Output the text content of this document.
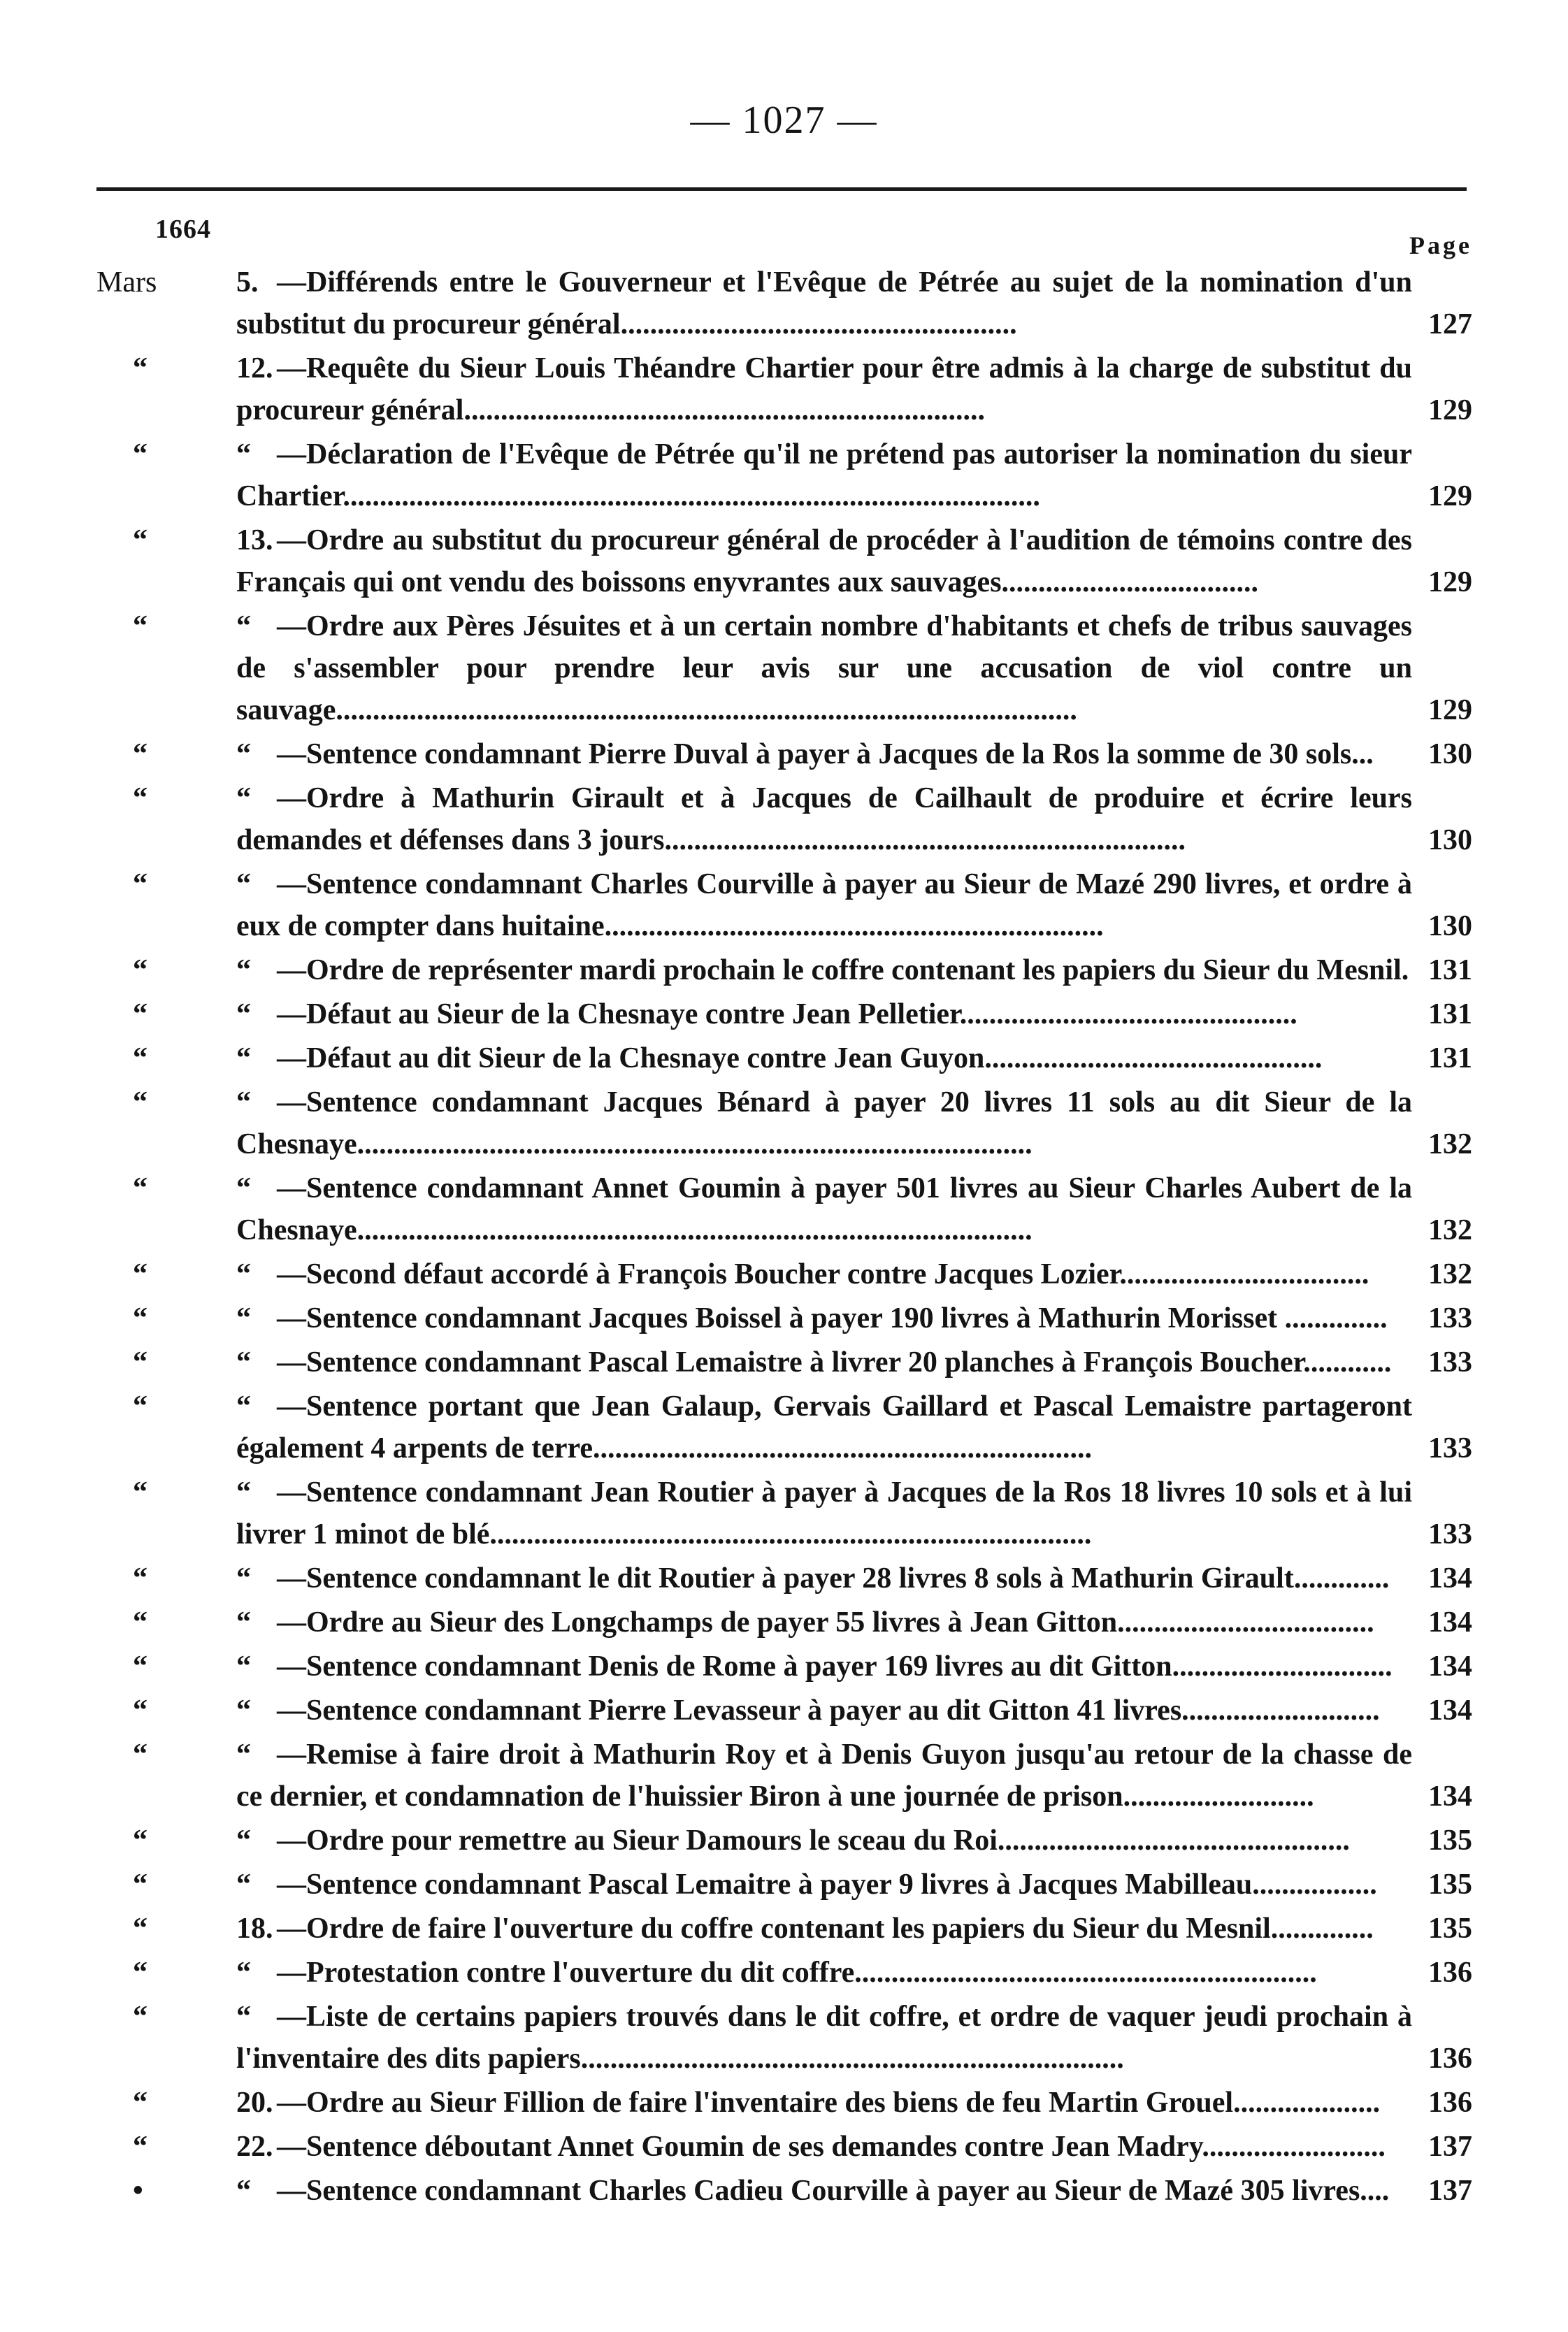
— 1027 —
1664
Page
Mars	5. —Différends entre le Gouverneur et l'Evêque de Pétrée au sujet de la nomination d'un substitut du procureur général......................................................	127
“	12. —Requête du Sieur Louis Théandre Chartier pour être admis à la charge de substitut du procureur général.......................................................................	129
“	“ —Déclaration de l'Evêque de Pétrée qu'il ne prétend pas autoriser la nomination du sieur Chartier...............................................................................................	129
“	13. —Ordre au substitut du procureur général de procéder à l'audition de témoins contre des Français qui ont vendu des boissons enyvrantes aux sauvages...................................	129
“	“ —Ordre aux Pères Jésuites et à un certain nombre d'habitants et chefs de tribus sauvages de s'assembler pour prendre leur avis sur une accusation de viol contre un sauvage.....................................................................................................	129
“	“ —Sentence condamnant Pierre Duval à payer à Jacques de la Ros la somme de 30 sols...	130
“	“ —Ordre à Mathurin Girault et à Jacques de Cailhault de produire et écrire leurs demandes et défenses dans 3 jours.......................................................................	130
“	“ —Sentence condamnant Charles Courville à payer au Sieur de Mazé 290 livres, et ordre à eux de compter dans huitaine....................................................................	130
“	“ —Ordre de représenter mardi prochain le coffre contenant les papiers du Sieur du Mesnil. 131
“	“ —Défaut au Sieur de la Chesnaye contre Jean Pelletier..............................................	131
“	“ —Défaut au dit Sieur de la Chesnaye contre Jean Guyon..............................................	131
“	“ —Sentence condamnant Jacques Bénard à payer 20 livres 11 sols au dit Sieur de la Chesnaye............................................................................................	132
“	“ —Sentence condamnant Annet Goumin à payer 501 livres au Sieur Charles Aubert de la Chesnaye............................................................................................	132
“	“ —Second défaut accordé à François Boucher contre Jacques Lozier..................................	132
“	“ —Sentence condamnant Jacques Boissel à payer 190 livres à Mathurin Morisset ..............	133
“	“ —Sentence condamnant Pascal Lemaistre à livrer 20 planches à François Boucher............	133
“	“ —Sentence portant que Jean Galaup, Gervais Gaillard et Pascal Lemaistre partageront également 4 arpents de terre....................................................................	133
“	“ —Sentence condamnant Jean Routier à payer à Jacques de la Ros 18 livres 10 sols et à lui livrer 1 minot de blé..................................................................................	133
“	“ —Sentence condamnant le dit Routier à payer 28 livres 8 sols à Mathurin Girault.............	134
“	“ —Ordre au Sieur des Longchamps de payer 55 livres à Jean Gitton...................................	134
“	“ —Sentence condamnant Denis de Rome à payer 169 livres au dit Gitton..............................	134
“	“ —Sentence condamnant Pierre Levasseur à payer au dit Gitton 41 livres...........................	134
“	“ —Remise à faire droit à Mathurin Roy et à Denis Guyon jusqu'au retour de la chasse de ce dernier, et condamnation de l'huissier Biron à une journée de prison..........................	134
“	“ —Ordre pour remettre au Sieur Damours le sceau du Roi................................................	135
“	“ —Sentence condamnant Pascal Lemaitre à payer 9 livres à Jacques Mabilleau.................	135
“	18. —Ordre de faire l'ouverture du coffre contenant les papiers du Sieur du Mesnil..............	135
“	“ —Protestation contre l'ouverture du dit coffre...............................................................	136
“	“ —Liste de certains papiers trouvés dans le dit coffre, et ordre de vaquer jeudi prochain à l'inventaire des dits papiers..........................................................................	136
“	20. —Ordre au Sieur Fillion de faire l'inventaire des biens de feu Martin Grouel....................	136
“	22. —Sentence déboutant Annet Goumin de ses demandes contre Jean Madry.........................	137
•	“ —Sentence condamnant Charles Cadieu Courville à payer au Sieur de Mazé 305 livres....	137
